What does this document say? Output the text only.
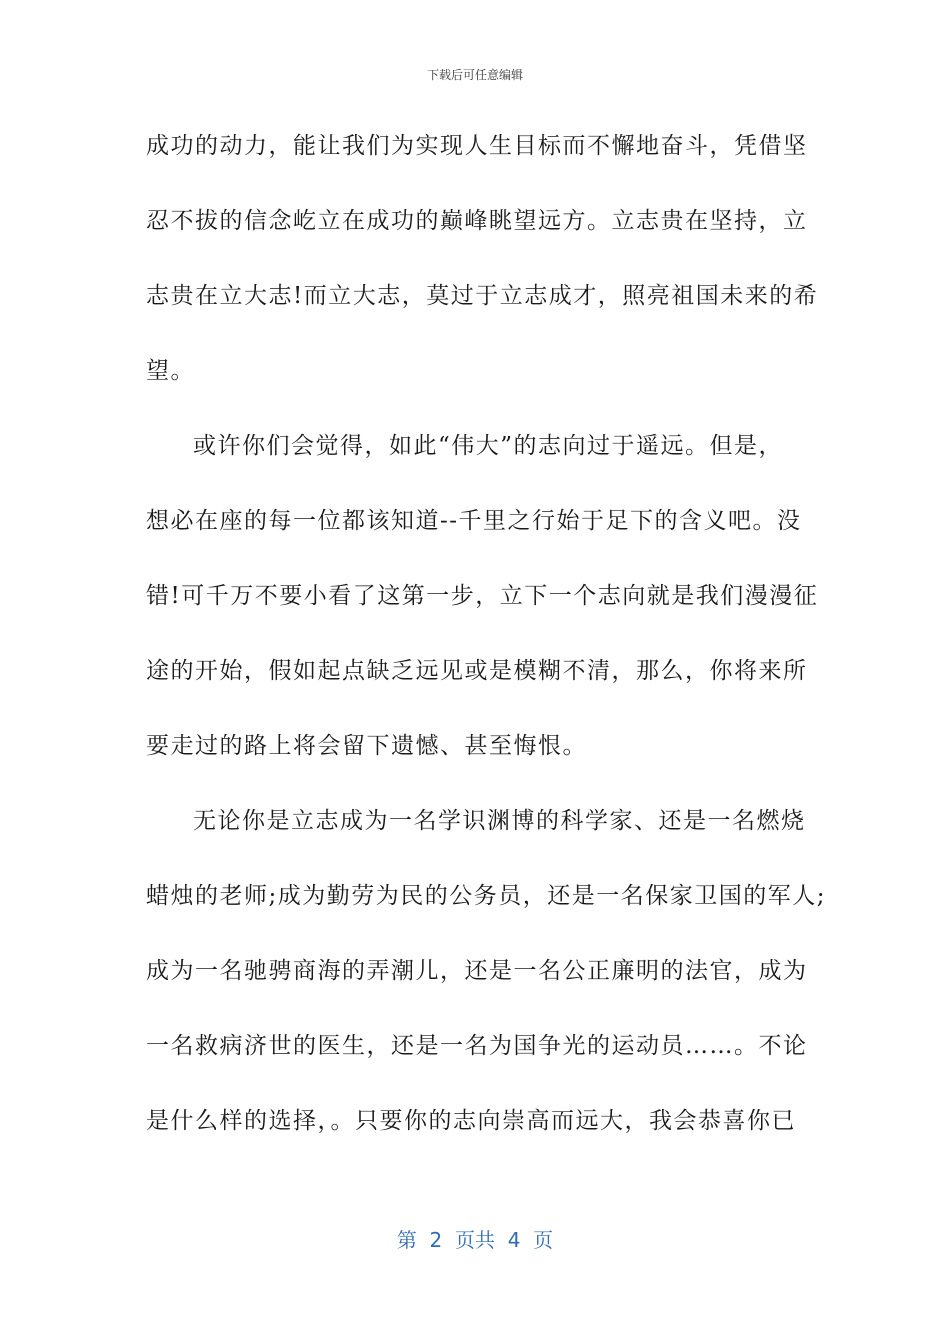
下载后可任意编辑
成功的动力，能让我们为实现人生目标而不懈地奋斗，凭借坚
忍不拔的信念屹立在成功的巅峰眺望远方。立志贵在坚持，立
志贵在立大志!而立大志，莫过于立志成才，照亮祖国未来的希
望。
或许你们会觉得，如此“伟大”的志向过于遥远。但是，
想必在座的每一位都该知道--千里之行始于足下的含义吧。没
错!可千万不要小看了这第一步，立下一个志向就是我们漫漫征
途的开始，假如起点缺乏远见或是模糊不清，那么，你将来所
要走过的路上将会留下遗憾、甚至悔恨。
无论你是立志成为一名学识渊博的科学家、还是一名燃烧
蜡烛的老师;成为勤劳为民的公务员，还是一名保家卫国的军人;
成为一名驰骋商海的弄潮儿，还是一名公正廉明的法官，成为
一名救病济世的医生，还是一名为国争光的运动员……。不论
是什么样的选择，。只要你的志向崇高而远大，我会恭喜你已
第  2  页共  4  页
